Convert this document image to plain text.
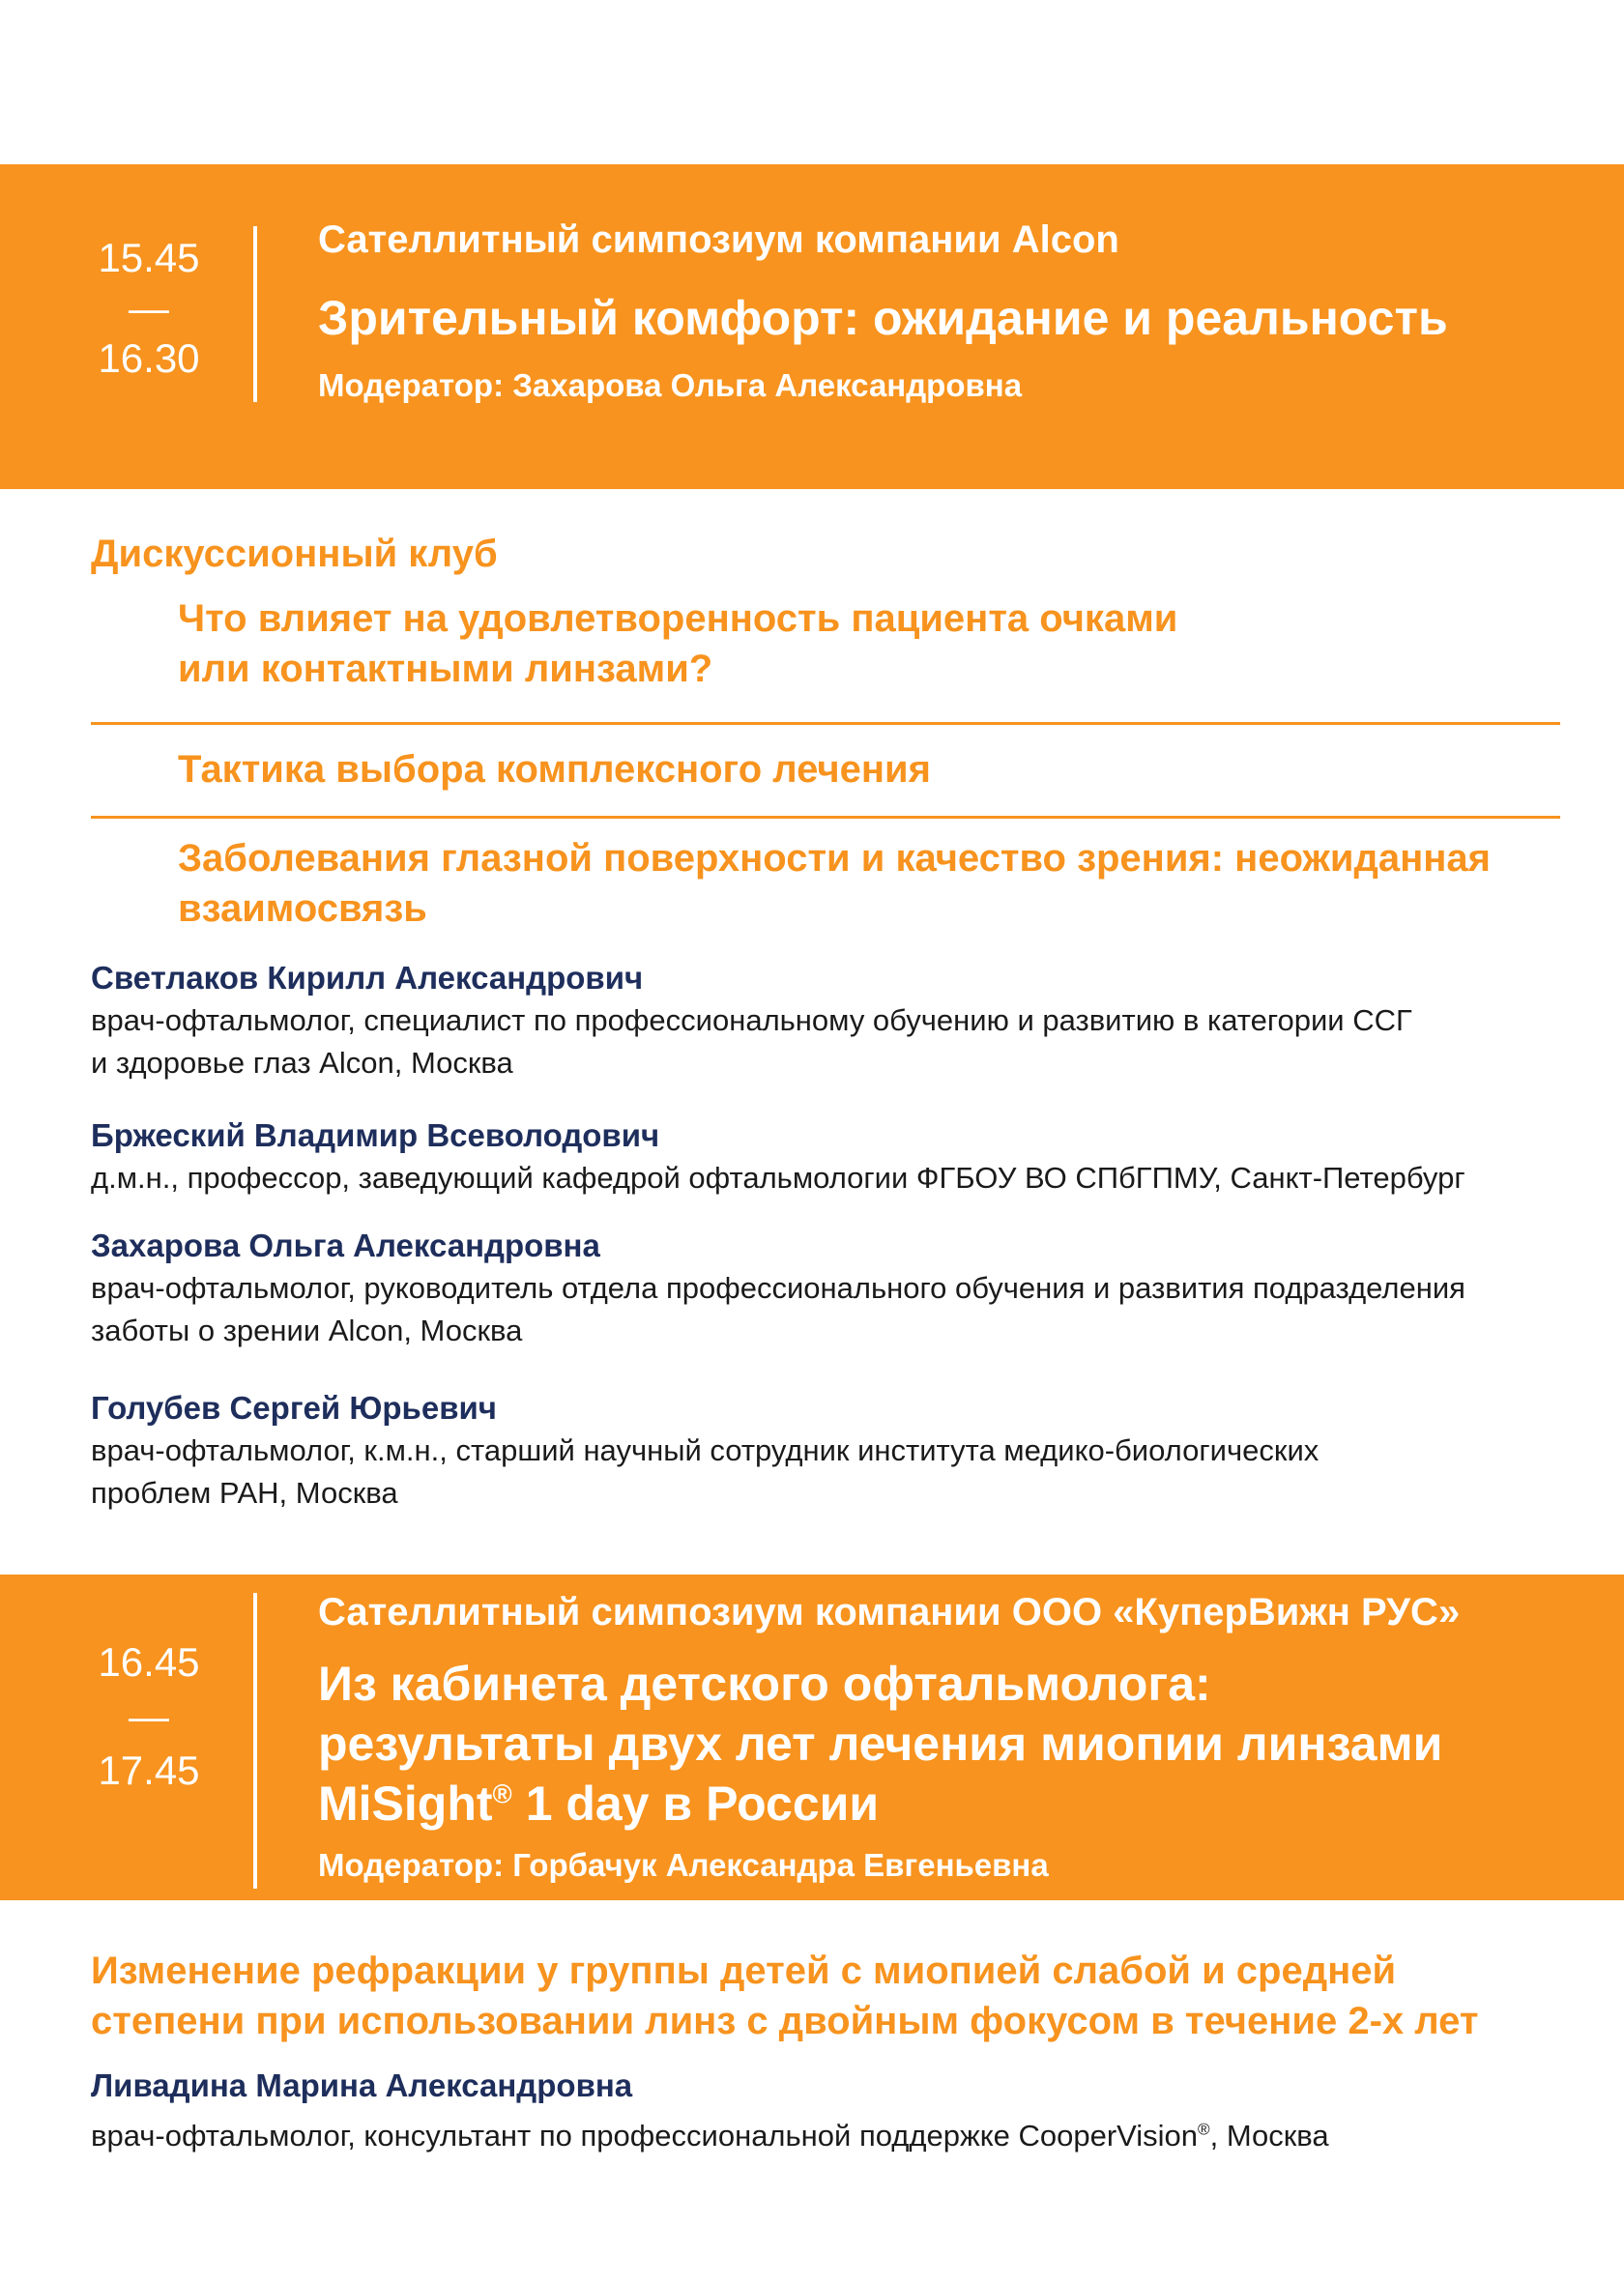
15.45
—
16.30
Сателлитный симпозиум компании Alcon
Зрительный комфорт: ожидание и реальность
Модератор: Захарова Ольга Александровна
Дискуссионный клуб
Что влияет на удовлетворенность пациента очками
или контактными линзами?
Тактика выбора комплексного лечения
Заболевания глазной поверхности и качество зрения: неожиданная
взаимосвязь
Светлаков Кирилл Александрович
врач-офтальмолог, специалист по профессиональному обучению и развитию в категории ССГ
и здоровье глаз Alcon, Москва
Бржеский Владимир Всеволодович
д.м.н., профессор, заведующий кафедрой офтальмологии ФГБОУ ВО СПбГПМУ, Санкт-Петербург
Захарова Ольга Александровна
врач-офтальмолог, руководитель отдела профессионального обучения и развития подразделения
заботы о зрении Alcon, Москва
Голубев Сергей Юрьевич
врач-офтальмолог, к.м.н., старший научный сотрудник института медико-биологических
проблем РАН, Москва
16.45
—
17.45
Сателлитный симпозиум компании ООО «КуперВижн РУС»
Из кабинета детского офтальмолога:
результаты двух лет лечения миопии линзами
MiSight® 1 day в России
Модератор: Горбачук Александра Евгеньевна
Изменение рефракции у группы детей с миопией слабой и средней
степени при использовании линз с двойным фокусом в течение 2-х лет
Ливадина Марина Александровна
врач-офтальмолог, консультант по профессиональной поддержке CooperVision®, Москва
